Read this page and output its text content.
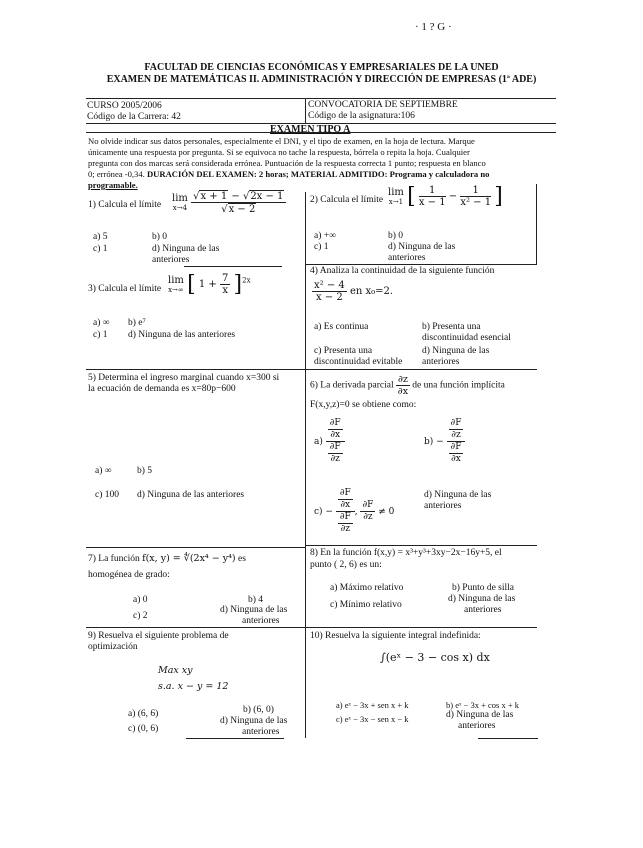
· 1 ? G ·
FACULTAD DE CIENCIAS ECONÓMICAS Y EMPRESARIALES DE LA UNED
EXAMEN DE MATEMÁTICAS II. ADMINISTRACIÓN Y DIRECCIÓN DE EMPRESAS (1ª ADE)
CURSO 2005/2006
Código de la Carrera: 42
CONVOCATORIA DE SEPTIEMBRE
Código de la asignatura:106
EXAMEN TIPO A
No olvide indicar sus datos personales, especialmente el DNI, y el tipo de examen, en la hoja de lectura. Marque
únicamente una respuesta por pregunta. Si se equivoca no tache la respuesta, bórrela o repita la hoja. Cualquier
pregunta con dos marcas será considerada errónea. Puntuación de la respuesta correcta 1 punto; respuesta en blanco
0; errónea -0,34. DURACIÓN DEL EXAMEN: 2 horas; MATERIAL ADMITIDO: Programa y calculadora no
programable.
1) Calcula el límite
lim
x→4
$\frac{√x + 1 - √2x - 1}{√x - 2}$
a) 5	b) 0
c) 1	d) Ninguna de las
anteriores
2) Calcula el límite
lim
x→1 [ $\frac{1}{x - 1} - \frac{1}{\text{x² − 1}}$ ]
a) +∞	b) 0
c) 1	d) Ninguna de las
anteriores
3) Calcula el límite
lim
x→∞ [ $1 + \frac{7}{x} ]^{2x}$
a) ∞ b) e⁷
c) 1 d) Ninguna de las anteriores
4) Analiza la continuidad de la siguiente función
$\frac{\text{x² − 4}}{x - 2}$ en x₀=2.
a) Es continua	b) Presenta una
discontinuidad esencial
c) Presenta una	d) Ninguna de las
discontinuidad evitable anteriores
5) Determina el ingreso marginal cuando x=300 si
la ecuación de demanda es x=80p−600
a) ∞	b) 5
c) 100 d) Ninguna de las anteriores
6) La derivada parcial $\frac{\partial z}{\partial x}$ de una función implícita
F(x,y,z)=0 se obtiene como:
$a) \frac{\frac{\partial F}{\partial x}}{\frac{\partial F}{\partial z}}$	$b) - \frac{\frac{\partial F}{\partial z}}{\frac{\partial F}{\partial x}}$
$c) - \frac{\frac{\partial F}{\partial x}}{\frac{\partial F}{\partial z}}$ , $\frac{\partial F}{\partial z} \ne 0$
d) Ninguna de las
anteriores
7) La función f(x, y) = ∜(2x⁴ − y⁴) es
homogénea de grado:
a) 0	b) 4
c) 2
d) Ninguna de las
anteriores
8) En la función f(x,y) = x³+y³+3xy−2x−16y+5, el
punto ( 2, 6) es un:
a) Máximo relativo	b) Punto de silla
c) Mínimo relativo
d) Ninguna de las
anteriores
9) Resuelva el siguiente problema de
optimización
Max xy
s.a. x − y = 12
a) (6, 6)	b) (6, 0)
c) (0, 6)
d) Ninguna de las
anteriores
10) Resuelva la siguiente integral indefinida:
∫(eˣ − 3 − cos x) dx
a) eˣ − 3x + sen x + k	b) eˣ − 3x + cos x + k
c) eˣ − 3x − sen x − k	d) Ninguna de las
anteriores
